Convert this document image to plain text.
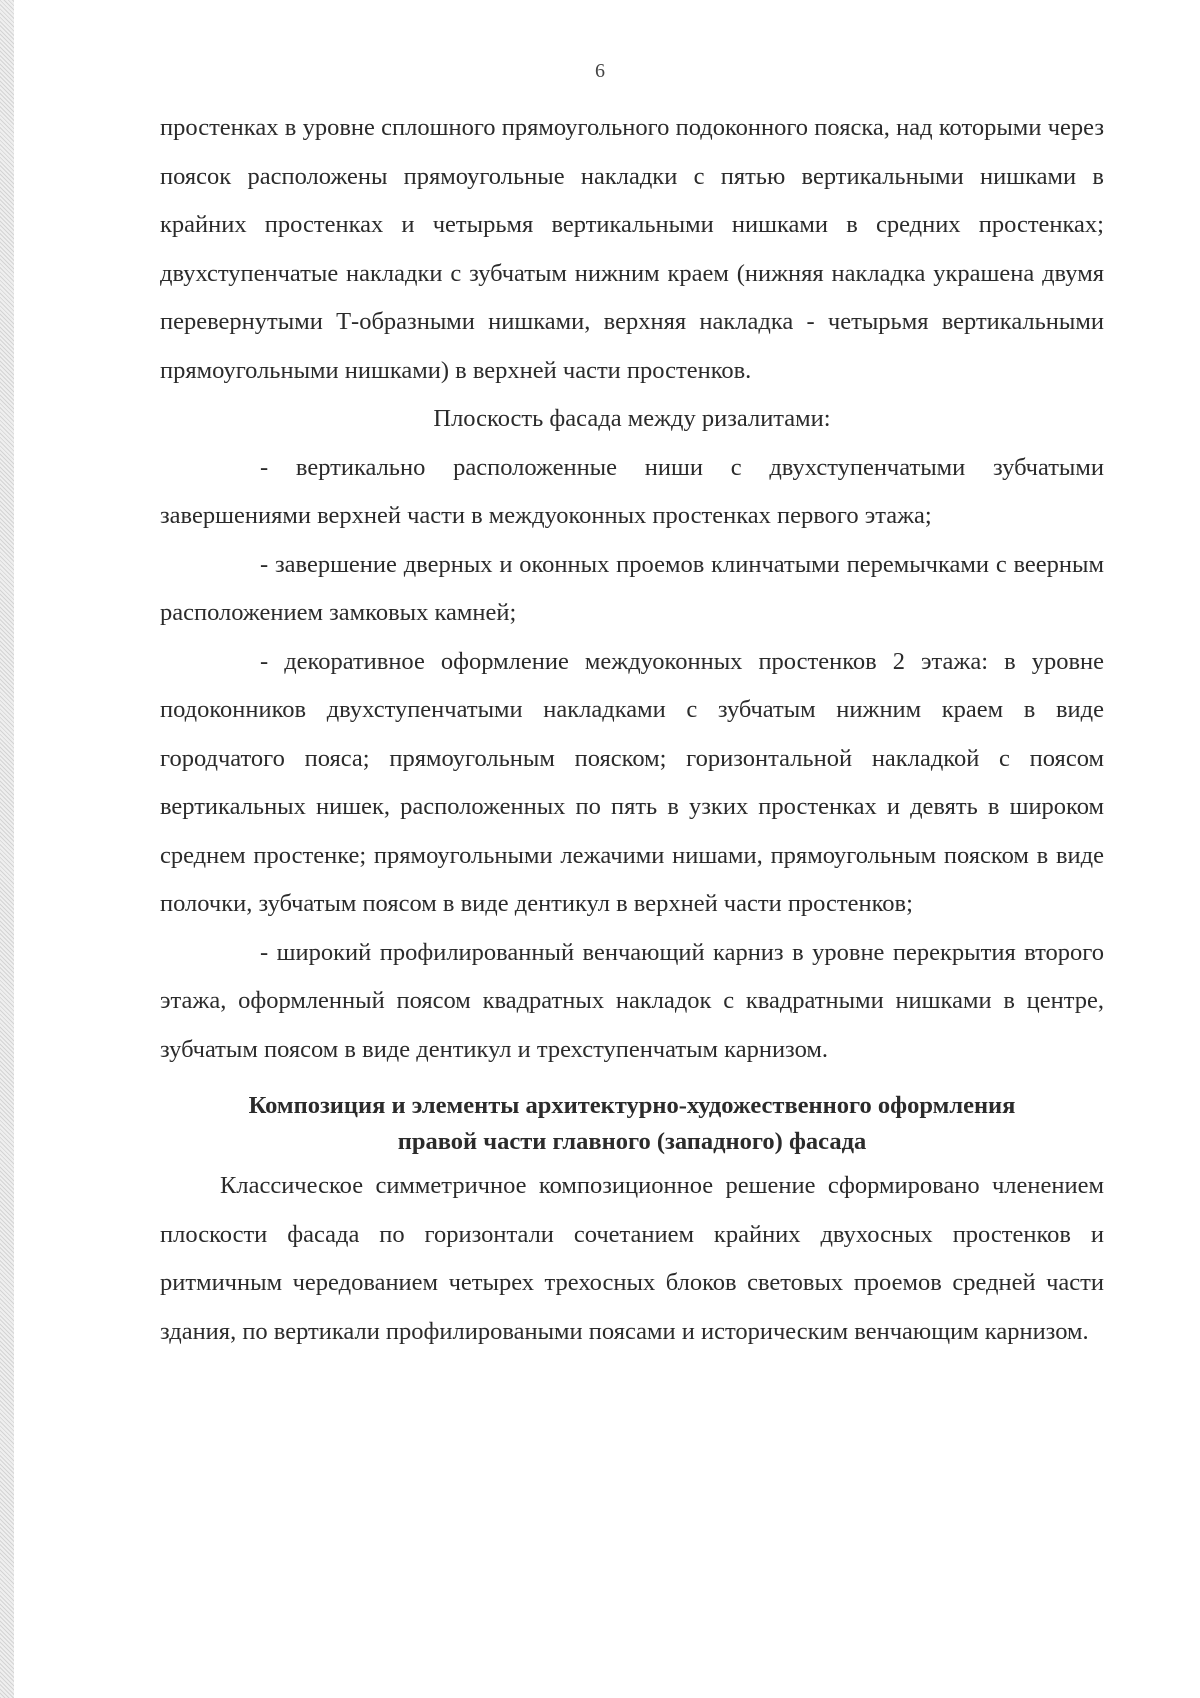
6

простенках в уровне сплошного прямоугольного подоконного пояска, над которыми через поясок расположены прямоугольные накладки с пятью вертикальными нишками в крайних простенках и четырьмя вертикальными нишками в средних простенках; двухступенчатые накладки с зубчатым нижним краем (нижняя накладка украшена двумя перевернутыми Т-образными нишками, верхняя накладка - четырьмя вертикальными прямоугольными нишками) в верхней части простенков.

Плоскость фасада между ризалитами:

- вертикально расположенные ниши с двухступенчатыми зубчатыми завершениями верхней части в междуоконных простенках первого этажа;

- завершение дверных и оконных проемов клинчатыми перемычками с веерным расположением замковых камней;

- декоративное оформление междуоконных простенков 2 этажа: в уровне подоконников двухступенчатыми накладками с зубчатым нижним краем в виде городчатого пояса; прямоугольным пояском; горизонтальной накладкой с поясом вертикальных нишек, расположенных по пять в узких простенках и девять в широком среднем простенке; прямоугольными лежачими нишами, прямоугольным пояском в виде полочки, зубчатым поясом в виде дентикул в верхней части простенков;

- широкий профилированный венчающий карниз в уровне перекрытия второго этажа, оформленный поясом квадратных накладок с квадратными нишками в центре, зубчатым поясом в виде дентикул и трехступенчатым карнизом.

Композиция и элементы архитектурно-художественного оформления
правой части главного (западного) фасада

Классическое симметричное композиционное решение сформировано членением плоскости фасада по горизонтали сочетанием крайних двухосных простенков и ритмичным чередованием четырех трехосных блоков световых проемов средней части здания, по вертикали профилироваными поясами и историческим венчающим карнизом.
